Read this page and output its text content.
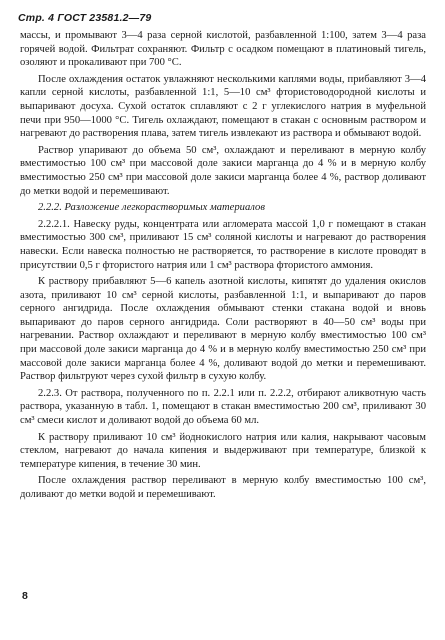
Стр. 4 ГОСТ 23581.2—79

массы, и промывают 3—4 раза серной кислотой, разбавленной 1:100, затем 3—4 раза горячей водой. Фильтрат сохраняют. Фильтр с осадком помещают в платиновый тигель, озоляют и прокаливают при 700 °С.

После охлаждения остаток увлажняют несколькими каплями воды, прибавляют 3—4 капли серной кислоты, разбавленной 1:1, 5—10 см³ фтористоводородной кислоты и выпаривают досуха. Сухой остаток сплавляют с 2 г углекислого натрия в муфельной печи при 950—1000 °С. Тигель охлаждают, помещают в стакан с основным раствором и нагревают до растворения плава, затем тигель извлекают из раствора и обмывают водой.

Раствор упаривают до объема 50 см³, охлаждают и переливают в мерную колбу вместимостью 100 см³ при массовой доле закиси марганца до 4 % и в мерную колбу вместимостью 250 см³ при массовой доле закиси марганца более 4 %, раствор доливают до метки водой и перемешивают.

2.2.2. Разложение легкорастворимых материалов

2.2.2.1. Навеску руды, концентрата или агломерата массой 1,0 г помещают в стакан вместимостью 300 см³, приливают 15 см³ соляной кислоты и нагревают до растворения навески. Если навеска полностью не растворяется, то растворение в кислоте проводят в присутствии 0,5 г фтористого натрия или 1 см³ раствора фтористого аммония.

К раствору прибавляют 5—6 капель азотной кислоты, кипятят до удаления окислов азота, приливают 10 см³ серной кислоты, разбавленной 1:1, и выпаривают до паров серного ангидрида. После охлаждения обмывают стенки стакана водой и вновь выпаривают до паров серного ангидрида. Соли растворяют в 40—50 см³ воды при нагревании. Раствор охлаждают и переливают в мерную колбу вместимостью 100 см³ при массовой доле закиси марганца до 4 % и в мерную колбу вместимостью 250 см³ при массовой доле закиси марганца более 4 %, доливают водой до метки и перемешивают. Раствор фильтруют через сухой фильтр в сухую колбу.

2.2.3. От раствора, полученного по п. 2.2.1 или п. 2.2.2, отбирают аликвотную часть раствора, указанную в табл. 1, помещают в стакан вместимостью 200 см³, приливают 30 см³ смеси кислот и доливают водой до объема 60 мл.

К раствору приливают 10 см³ йоднокислого натрия или калия, накрывают часовым стеклом, нагревают до начала кипения и выдерживают при температуре, близкой к температуре кипения, в течение 30 мин.

После охлаждения раствор переливают в мерную колбу вместимостью 100 см³, доливают до метки водой и перемешивают.

8
